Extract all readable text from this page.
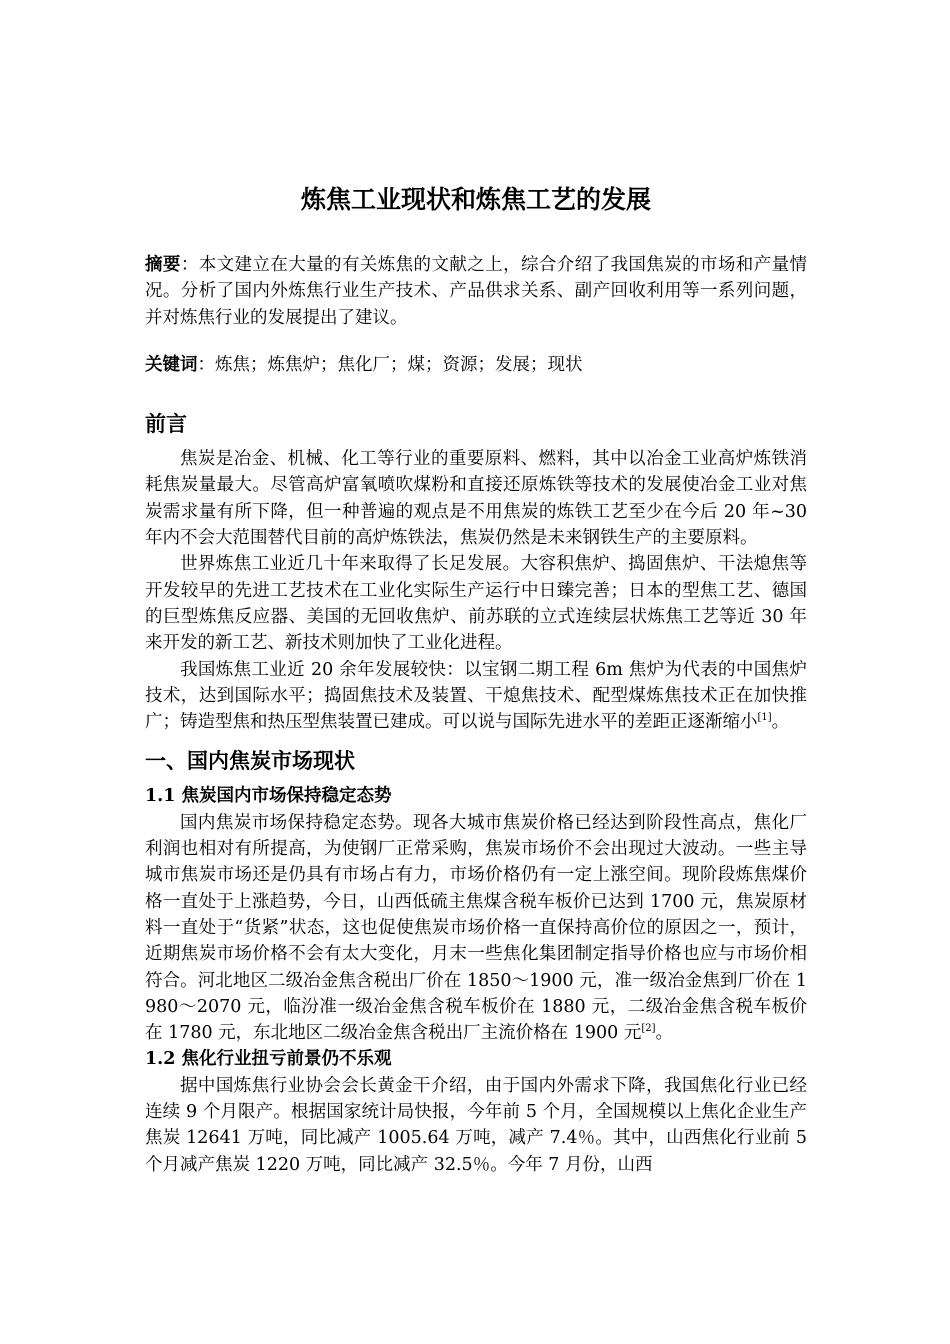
炼焦工业现状和炼焦工艺的发展

摘要：本文建立在大量的有关炼焦的文献之上，综合介绍了我国焦炭的市场和产量情况。分析了国内外炼焦行业生产技术、产品供求关系、副产回收利用等一系列问题，并对炼焦行业的发展提出了建议。

关键词：炼焦；炼焦炉；焦化厂；煤；资源；发展；现状

前言

焦炭是冶金、机械、化工等行业的重要原料、燃料，其中以冶金工业高炉炼铁消耗焦炭量最大。尽管高炉富氧喷吹煤粉和直接还原炼铁等技术的发展使冶金工业对焦炭需求量有所下降，但一种普遍的观点是不用焦炭的炼铁工艺至少在今后 20 年~30 年内不会大范围替代目前的高炉炼铁法，焦炭仍然是未来钢铁生产的主要原料。

世界炼焦工业近几十年来取得了长足发展。大容积焦炉、捣固焦炉、干法熄焦等开发较早的先进工艺技术在工业化实际生产运行中日臻完善；日本的型焦工艺、德国的巨型炼焦反应器、美国的无回收焦炉、前苏联的立式连续层状炼焦工艺等近 30 年来开发的新工艺、新技术则加快了工业化进程。

我国炼焦工业近 20 余年发展较快：以宝钢二期工程 6m 焦炉为代表的中国焦炉技术，达到国际水平；捣固焦技术及装置、干熄焦技术、配型煤炼焦技术正在加快推广；铸造型焦和热压型焦装置已建成。可以说与国际先进水平的差距正逐渐缩小[1]。

一、国内焦炭市场现状
1.1 焦炭国内市场保持稳定态势

国内焦炭市场保持稳定态势。现各大城市焦炭价格已经达到阶段性高点，焦化厂利润也相对有所提高，为使钢厂正常采购，焦炭市场价不会出现过大波动。一些主导城市焦炭市场还是仍具有市场占有力，市场价格仍有一定上涨空间。现阶段炼焦煤价格一直处于上涨趋势，今日，山西低硫主焦煤含税车板价已达到 1700 元，焦炭原材料一直处于“货紧”状态，这也促使焦炭市场价格一直保持高价位的原因之一，预计，近期焦炭市场价格不会有太大变化，月末一些焦化集团制定指导价格也应与市场价相符合。河北地区二级冶金焦含税出厂价在 1850～1900 元，准一级冶金焦到厂价在 1980～2070 元，临汾准一级冶金焦含税车板价在 1880 元，二级冶金焦含税车板价在 1780 元，东北地区二级冶金焦含税出厂主流价格在 1900 元[2]。

1.2 焦化行业扭亏前景仍不乐观

据中国炼焦行业协会会长黄金干介绍，由于国内外需求下降，我国焦化行业已经连续 9 个月限产。根据国家统计局快报，今年前 5 个月，全国规模以上焦化企业生产焦炭 12641 万吨，同比减产 1005.64 万吨，减产 7.4％。其中，山西焦化行业前 5 个月减产焦炭 1220 万吨，同比减产 32.5％。今年 7 月份，山西
